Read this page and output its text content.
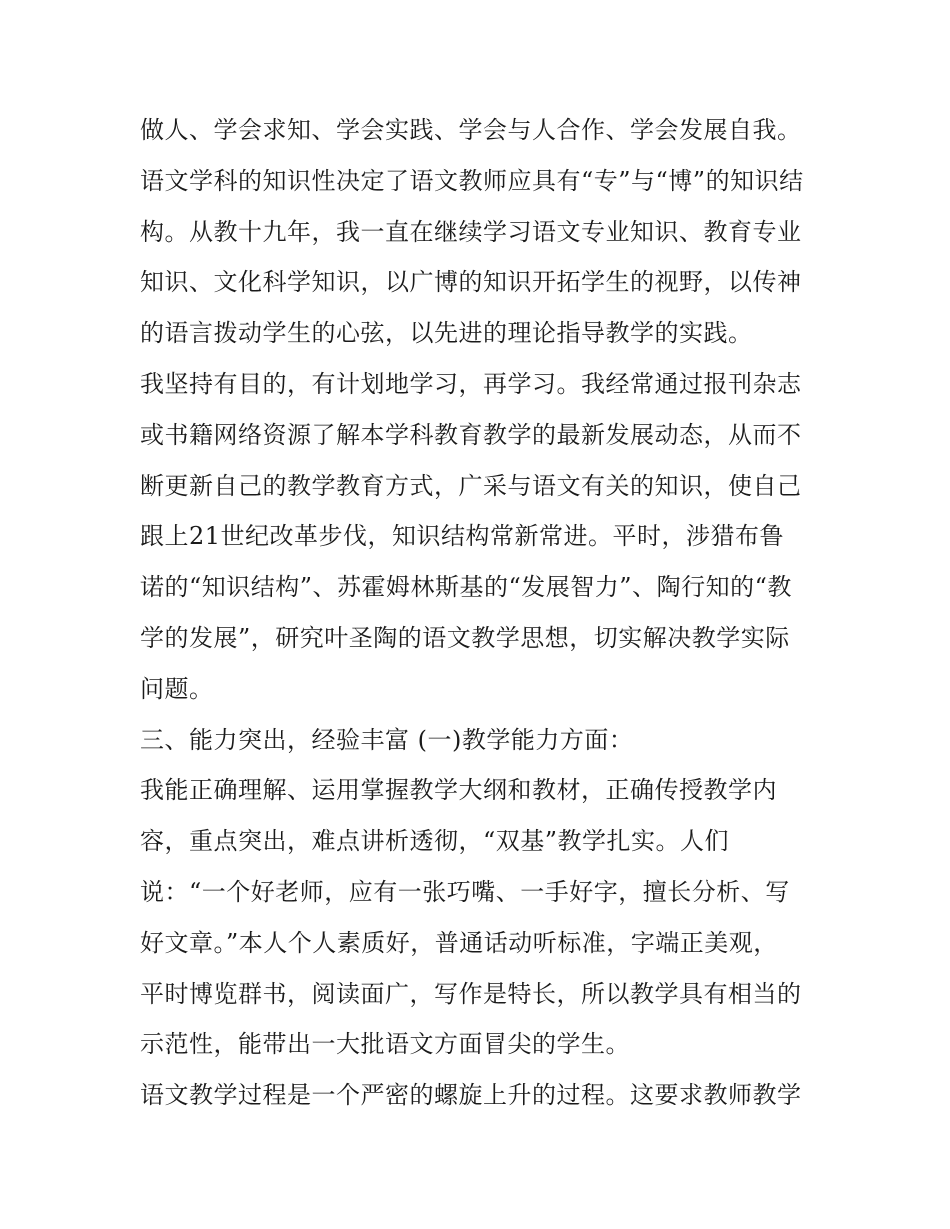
做人、学会求知、学会实践、学会与人合作、学会发展自我。
语文学科的知识性决定了语文教师应具有“专”与“博”的知识结
构。从教十九年，我一直在继续学习语文专业知识、教育专业
知识、文化科学知识，以广博的知识开拓学生的视野，以传神
的语言拨动学生的心弦，以先进的理论指导教学的实践。
我坚持有目的，有计划地学习，再学习。我经常通过报刊杂志
或书籍网络资源了解本学科教育教学的最新发展动态，从而不
断更新自己的教学教育方式，广采与语文有关的知识，使自己
跟上21世纪改革步伐，知识结构常新常进。平时，涉猎布鲁
诺的“知识结构”、苏霍姆林斯基的“发展智力”、陶行知的“教
学的发展”，研究叶圣陶的语文教学思想，切实解决教学实际
问题。
三、能力突出，经验丰富 (一)教学能力方面：
我能正确理解、运用掌握教学大纲和教材，正确传授教学内
容，重点突出，难点讲析透彻，“双基”教学扎实。人们
说：“一个好老师，应有一张巧嘴、一手好字，擅长分析、写
好文章。”本人个人素质好，普通话动听标准，字端正美观，
平时博览群书，阅读面广，写作是特长，所以教学具有相当的
示范性，能带出一大批语文方面冒尖的学生。
语文教学过程是一个严密的螺旋上升的过程。这要求教师教学
